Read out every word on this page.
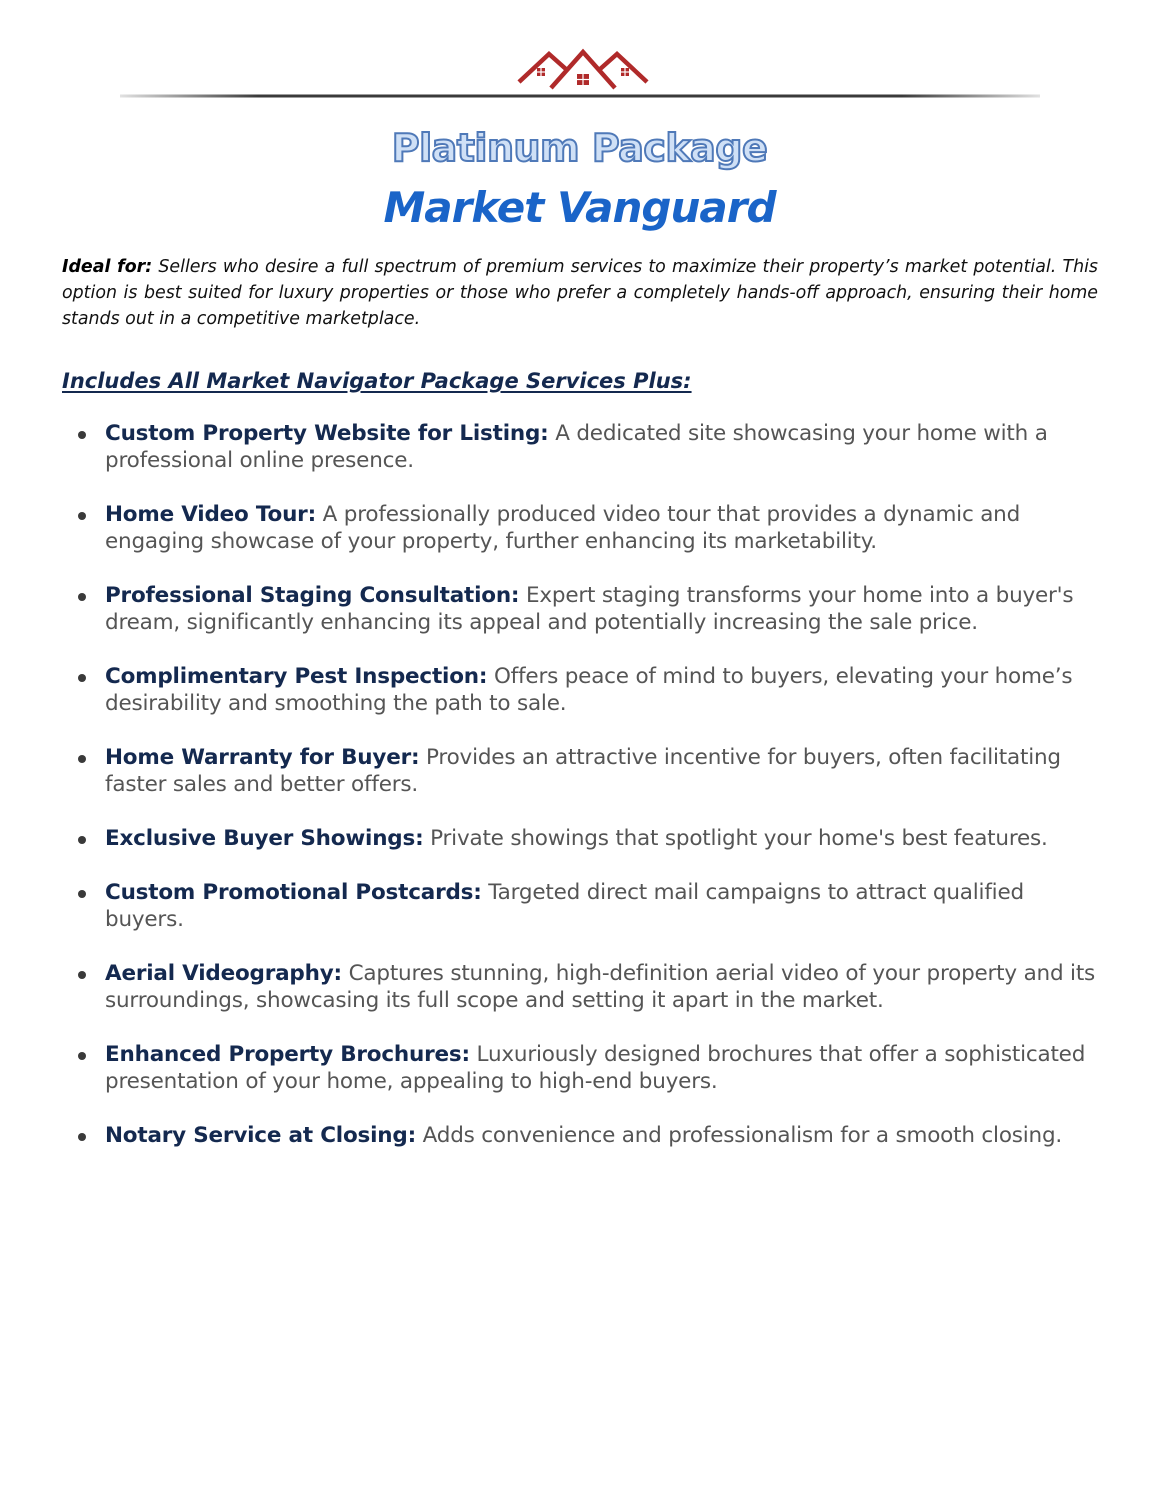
Platinum Package
Market Vanguard

Ideal for: Sellers who desire a full spectrum of premium services to maximize their property’s market potential. This option is best suited for luxury properties or those who prefer a completely hands-off approach, ensuring their home stands out in a competitive marketplace.

Includes All Market Navigator Package Services Plus:
Custom Property Website for Listing: A dedicated site showcasing your home with a professional online presence.
Home Video Tour: A professionally produced video tour that provides a dynamic and engaging showcase of your property, further enhancing its marketability.
Professional Staging Consultation: Expert staging transforms your home into a buyer's dream, significantly enhancing its appeal and potentially increasing the sale price.
Complimentary Pest Inspection: Offers peace of mind to buyers, elevating your home’s desirability and smoothing the path to sale.
Home Warranty for Buyer: Provides an attractive incentive for buyers, often facilitating faster sales and better offers.
Exclusive Buyer Showings: Private showings that spotlight your home's best features.
Custom Promotional Postcards: Targeted direct mail campaigns to attract qualified buyers.
Aerial Videography: Captures stunning, high-definition aerial video of your property and its surroundings, showcasing its full scope and setting it apart in the market.
Enhanced Property Brochures: Luxuriously designed brochures that offer a sophisticated presentation of your home, appealing to high-end buyers.
Notary Service at Closing: Adds convenience and professionalism for a smooth closing.
